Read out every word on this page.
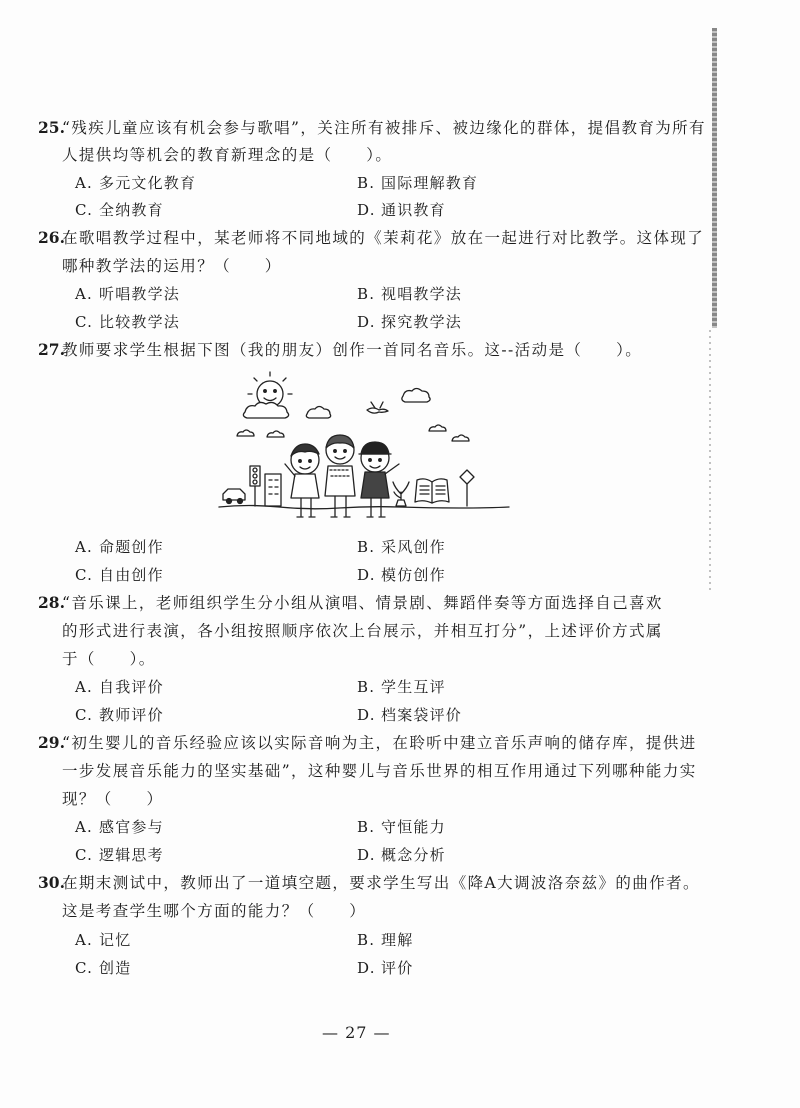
25.
“残疾儿童应该有机会参与歌唱”，关注所有被排斥、被边缘化的群体，提倡教育为所有
人提供均等机会的教育新理念的是（　　）。
A. 多元文化教育	B. 国际理解教育
C. 全纳教育	D. 通识教育
26.
在歌唱教学过程中，某老师将不同地域的《茉莉花》放在一起进行对比教学。这体现了
哪种教学法的运用？（　　）
A. 听唱教学法	B. 视唱教学法
C. 比较教学法	D. 探究教学法
27.
教师要求学生根据下图（我的朋友）创作一首同名音乐。这--活动是（　　）。
A. 命题创作	B. 采风创作
C. 自由创作	D. 模仿创作
28.
“音乐课上，老师组织学生分小组从演唱、情景剧、舞蹈伴奏等方面选择自己喜欢
的形式进行表演，各小组按照顺序依次上台展示，并相互打分”，上述评价方式属
于（　　）。
A. 自我评价	B. 学生互评
C. 教师评价	D. 档案袋评价
29.
“初生婴儿的音乐经验应该以实际音响为主，在聆听中建立音乐声响的储存库，提供进
一步发展音乐能力的坚实基础”，这种婴儿与音乐世界的相互作用通过下列哪种能力实
现？（　　）
A. 感官参与	B. 守恒能力
C. 逻辑思考	D. 概念分析
30.
在期末测试中，教师出了一道填空题，要求学生写出《降A大调波洛奈兹》的曲作者。
这是考查学生哪个方面的能力？（　　）
A. 记忆	B. 理解
C. 创造	D. 评价
— 27 —
